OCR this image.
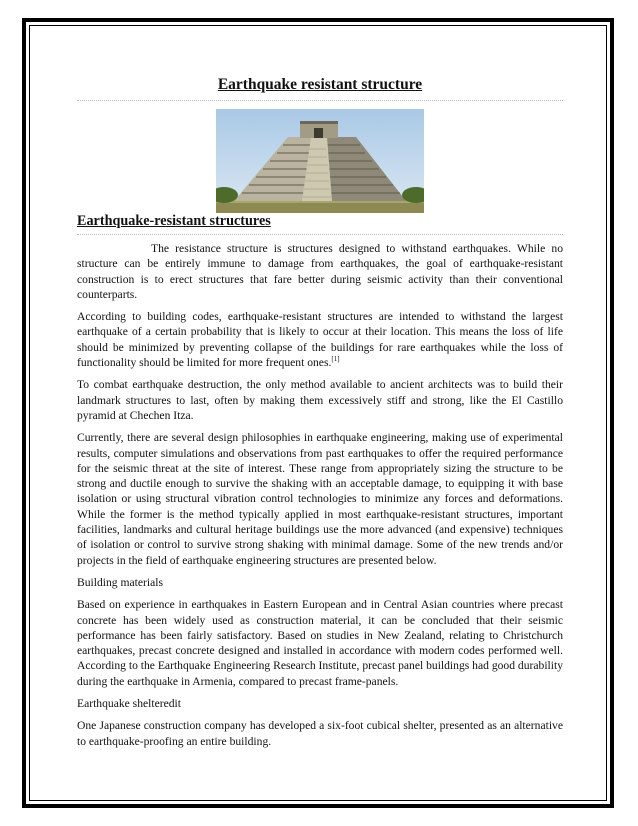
Earthquake resistant structure
Earthquake-resistant structures

The resistance structure is structures designed to withstand earthquakes. While no structure can be entirely immune to damage from earthquakes, the goal of earthquake-resistant construction is to erect structures that fare better during seismic activity than their conventional counterparts.

According to building codes, earthquake-resistant structures are intended to withstand the largest earthquake of a certain probability that is likely to occur at their location. This means the loss of life should be minimized by preventing collapse of the buildings for rare earthquakes while the loss of functionality should be limited for more frequent ones.[1]

To combat earthquake destruction, the only method available to ancient architects was to build their landmark structures to last, often by making them excessively stiff and strong, like the El Castillo pyramid at Chechen Itza.

Currently, there are several design philosophies in earthquake engineering, making use of experimental results, computer simulations and observations from past earthquakes to offer the required performance for the seismic threat at the site of interest. These range from appropriately sizing the structure to be strong and ductile enough to survive the shaking with an acceptable damage, to equipping it with base isolation or using structural vibration control technologies to minimize any forces and deformations. While the former is the method typically applied in most earthquake-resistant structures, important facilities, landmarks and cultural heritage buildings use the more advanced (and expensive) techniques of isolation or control to survive strong shaking with minimal damage. Some of the new trends and/or projects in the field of earthquake engineering structures are presented below.

Building materials

Based on experience in earthquakes in Eastern European and in Central Asian countries where precast concrete has been widely used as construction material, it can be concluded that their seismic performance has been fairly satisfactory. Based on studies in New Zealand, relating to Christchurch earthquakes, precast concrete designed and installed in accordance with modern codes performed well. According to the Earthquake Engineering Research Institute, precast panel buildings had good durability during the earthquake in Armenia, compared to precast frame-panels.

Earthquake shelteredit

One Japanese construction company has developed a six-foot cubical shelter, presented as an alternative to earthquake-proofing an entire building.
